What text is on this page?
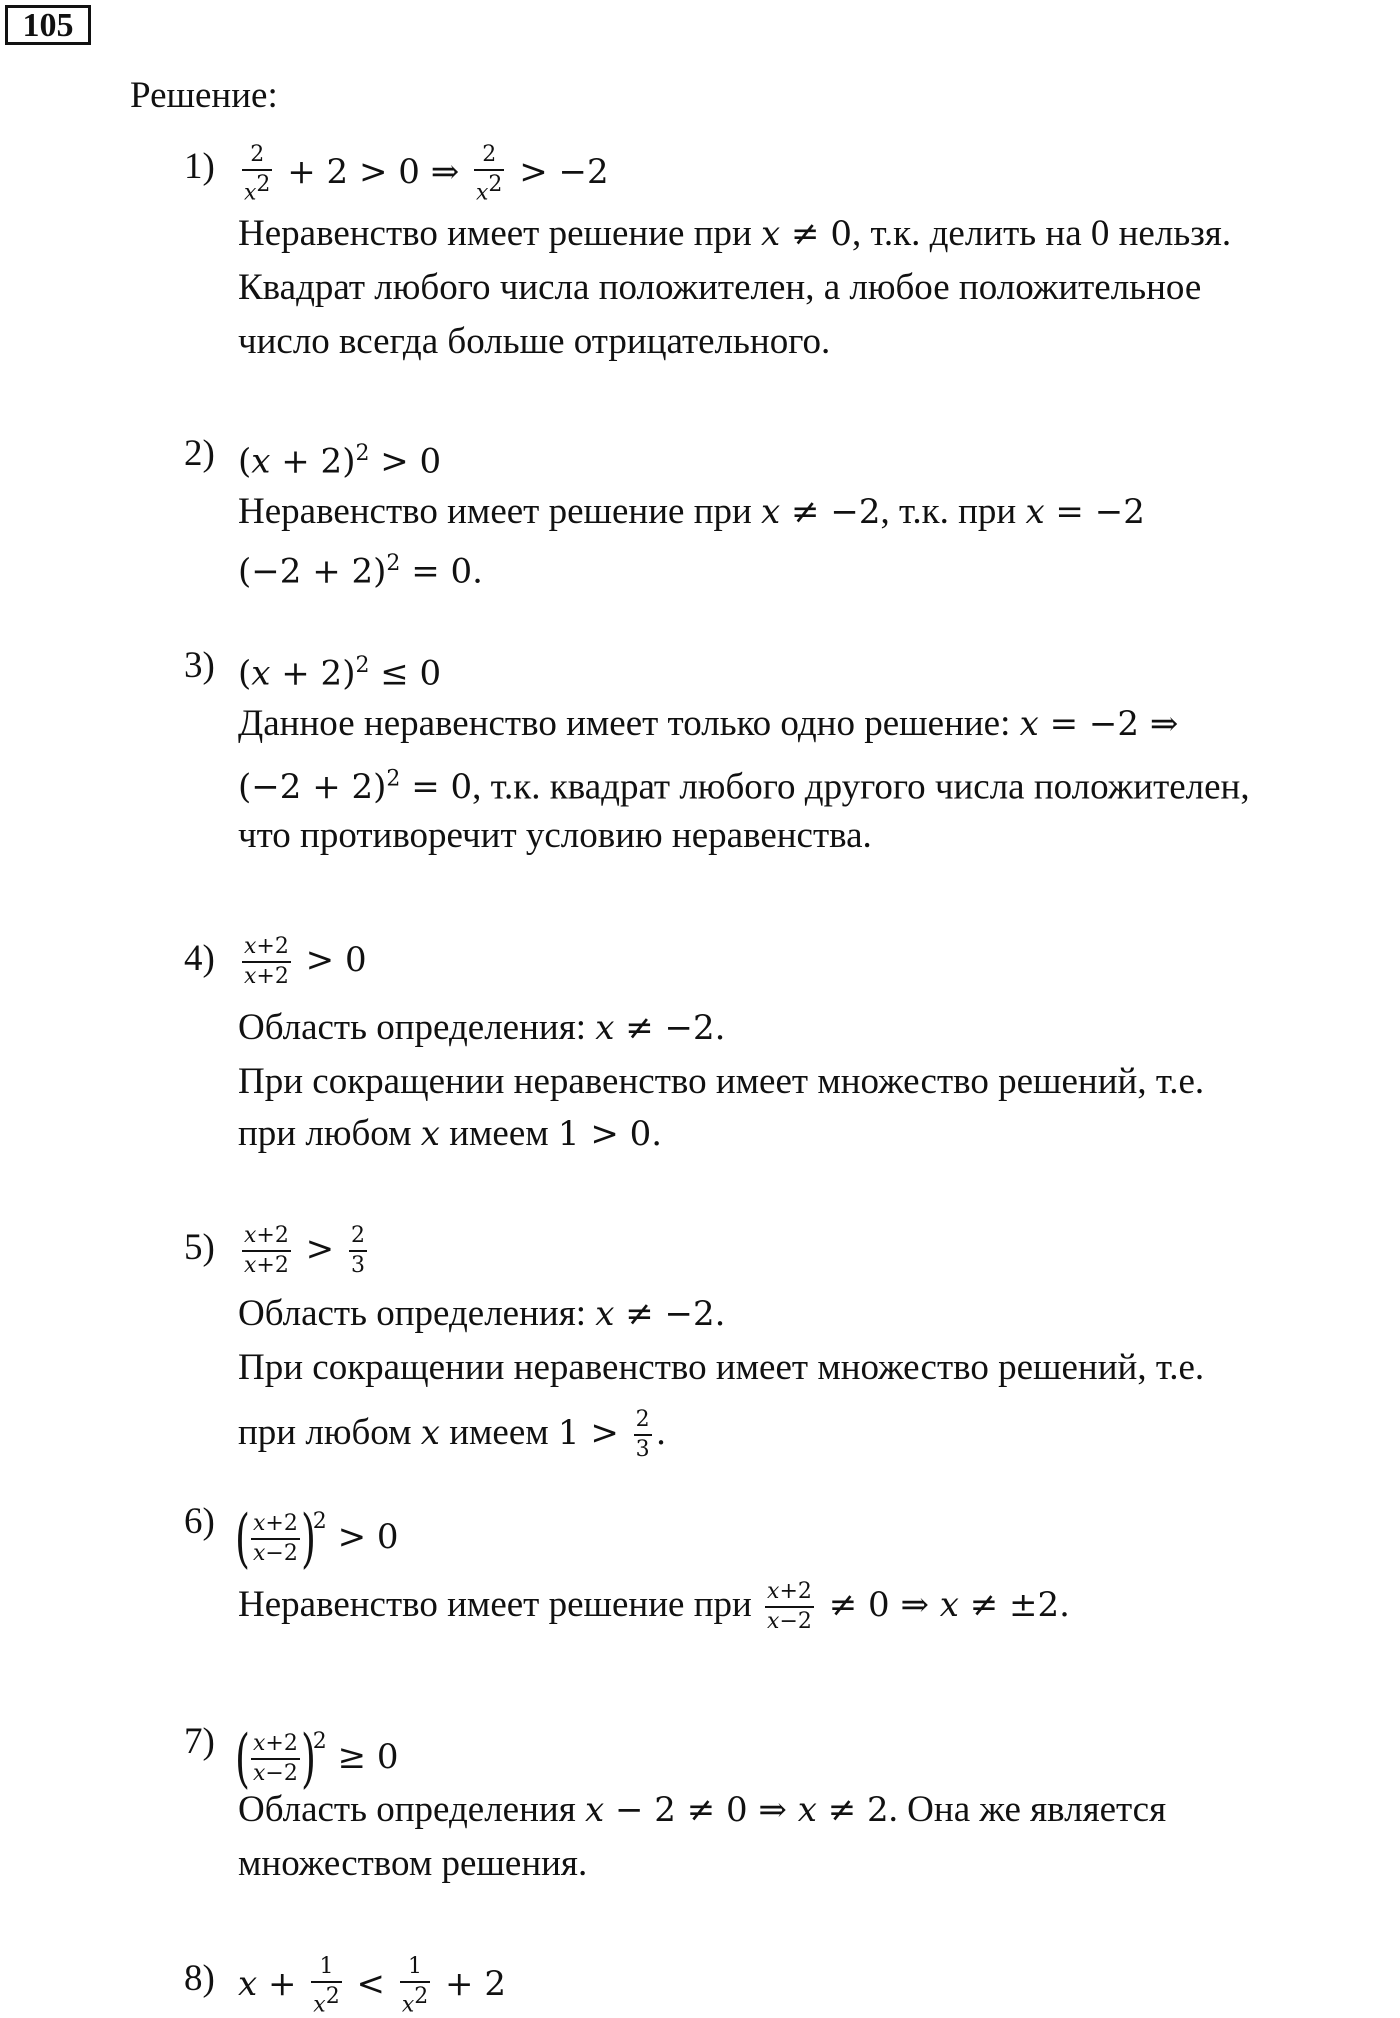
105
Решение:
$1) \frac{2}{x^2} + 2 > 0$ ⇒ $\frac{2}{x^2} > -2$
Неравенство имеет решение при x ≠ 0, т.к. делить на 0 нельзя.
Квадрат любого числа положителен, а любое положительное
число всегда больше отрицательного.
2) $(x + 2)^2 > 0$
Неравенство имеет решение при x ≠ −2, т.к. при x = −2
$(-2 + 2)^2 = 0$.
3) $(x + 2)^2 \le 0$
Данное неравенство имеет только одно решение: x = −2 ⇒
$(-2 + 2)^2 = 0$, т.к. квадрат любого другого числа положителен,
что противоречит условию неравенства.
$4) \frac{x+2}{x+2} > 0$
Область определения: x ≠ −2.
При сокращении неравенство имеет множество решений, т.е.
при любом x имеем 1 > 0.
$5) \frac{x+2}{x+2} > \frac{2}{3}$
Область определения: x ≠ −2.
При сокращении неравенство имеет множество решений, т.е.
при любом x имеем $1 > \frac{2}{3}$ .
6) ( $\frac{x+2}{x-2} )^2 > 0$
Неравенство имеет решение при $\frac{x+2}{x-2} \ne 0$ ⇒ x ≠ ±2.
7) ( $\frac{x+2}{x-2} )^2 \ge 0$
Область определения x − 2 ≠ 0 ⇒ x ≠ 2. Она же является
множеством решения.
8) $x + \frac{1}{x^2} < \frac{1}{x^2} + 2$
